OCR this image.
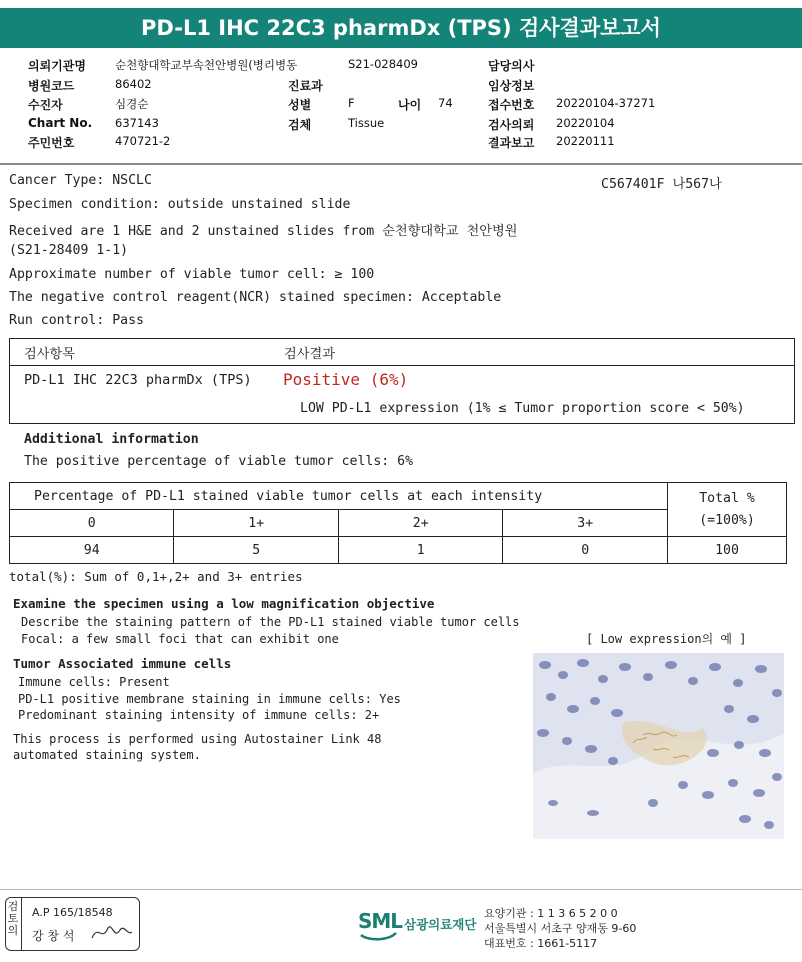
PD-L1 IHC 22C3 pharmDx (TPS) 검사결과보고서
의뢰기관명	순천향대학교부속천안병원(병리병동	S21-028409
병원코드	86402
수진자	심경순
Chart No. 637143
주민번호	470721-2
진료과
성별	F	나이 74
검체	Tissue
담당의사
임상정보
접수번호 20220104-37271
검사의뢰 20220104
결과보고 20220111
Cancer Type: NSCLC	C567401F 나567나
Specimen condition: outside unstained slide
Received are 1 H&E and 2 unstained slides from 순천향대학교 천안병원
(S21-28409 1-1)
Approximate number of viable tumor cell: ≥ 100
The negative control reagent(NCR) stained specimen: Acceptable
Run control: Pass
검사항목	검사결과
PD-L1 IHC 22C3 pharmDx (TPS) Positive (6%)
LOW PD-L1 expression (1% ≤ Tumor proportion score < 50%)
Additional information
The positive percentage of viable tumor cells: 6%
Percentage of PD-L1 stained viable tumor cells at each intensity				Total %
(=100%)
0	1+	2+	3+	
94	5	1	0	100
total(%): Sum of 0,1+,2+ and 3+ entries
Examine the specimen using a low magnification objective
Describe the staining pattern of the PD-L1 stained viable tumor cells
Focal: a few small foci that can exhibit one
Tumor Associated immune cells
Immune cells: Present
PD-L1 positive membrane staining in immune cells: Yes
Predominant staining intensity of immune cells: 2+
This process is performed using Autostainer Link 48
automated staining system.
[ Low expression의 예 ]
검토의
A.P 165/18548
강 창 석
SML 삼광의료재단
요양기관 : 1 1 3 6 5 2 0 0
서울특별시 서초구 양재동 9-60
대표번호 : 1661-5117
